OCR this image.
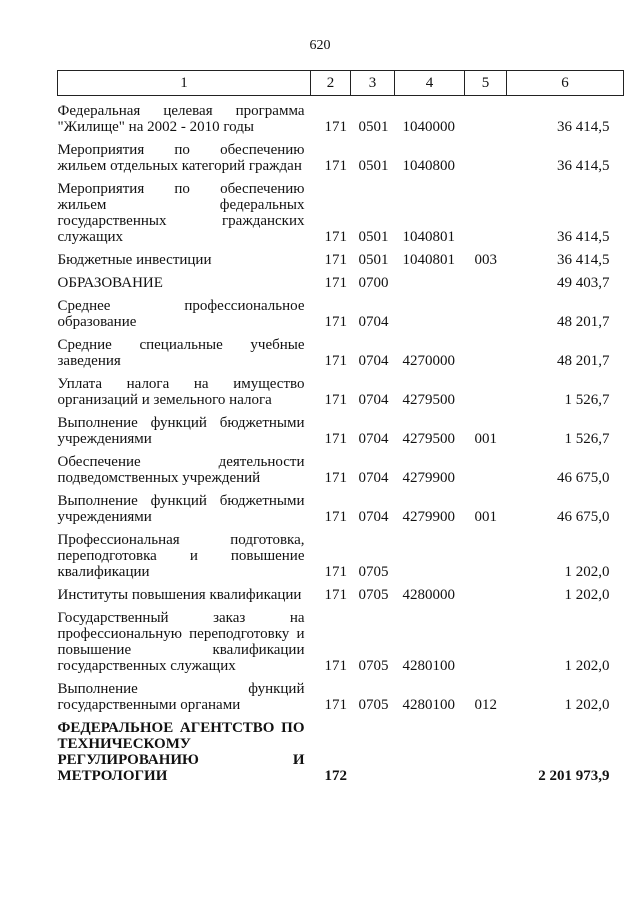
620
1	2	3	4	5	6

Федеральная целевая программа
"Жилище" на 2002 - 2010 годы	171	0501	1040000		36 414,5

Мероприятия по обеспечению
жильем отдельных категорий граждан	171	0501	1040800		36 414,5

Мероприятия по обеспечению
жильем федеральных
государственных гражданских
служащих	171	0501	1040801		36 414,5

Бюджетные инвестиции	171	0501	1040801	003	36 414,5

ОБРАЗОВАНИЕ	171	0700			49 403,7

Среднее профессиональное
образование	171	0704			48 201,7

Средние специальные учебные
заведения	171	0704	4270000		48 201,7

Уплата налога на имущество
организаций и земельного налога	171	0704	4279500		1 526,7

Выполнение функций бюджетными
учреждениями	171	0704	4279500	001	1 526,7

Обеспечение деятельности
подведомственных учреждений	171	0704	4279900		46 675,0

Выполнение функций бюджетными
учреждениями	171	0704	4279900	001	46 675,0

Профессиональная подготовка,
переподготовка и повышение
квалификации	171	0705			1 202,0

Институты повышения квалификации	171	0705	4280000		1 202,0

Государственный заказ на
профессиональную переподготовку и
повышение квалификации
государственных служащих	171	0705	4280100		1 202,0

Выполнение функций
государственными органами	171	0705	4280100	012	1 202,0

ФЕДЕРАЛЬНОЕ АГЕНТСТВО ПО
ТЕХНИЧЕСКОМУ
РЕГУЛИРОВАНИЮ И
МЕТРОЛОГИИ	172				2 201 973,9
